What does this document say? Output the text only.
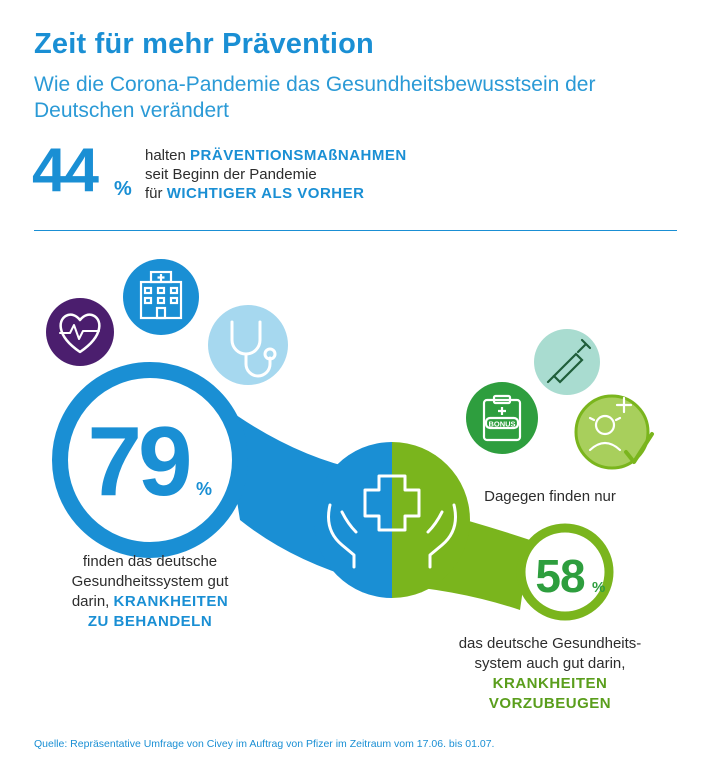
Zeit für mehr Prävention
Wie die Corona-Pandemie das Gesundheitsbewusstsein der Deutschen verändert
44 %
halten PRÄVENTIONSMAßNAHMEN
seit Beginn der Pandemie
für WICHTIGER ALS VORHER
BONUS
79 %
58 %
finden das deutsche Gesundheitssystem gut darin, KRANKHEITEN ZU BEHANDELN
Dagegen finden nur
das deutsche Gesundheits- system auch gut darin,
KRANKHEITEN VORZUBEUGEN
Quelle: Repräsentative Umfrage von Civey im Auftrag von Pfizer im Zeitraum vom 17.06. bis 01.07.
